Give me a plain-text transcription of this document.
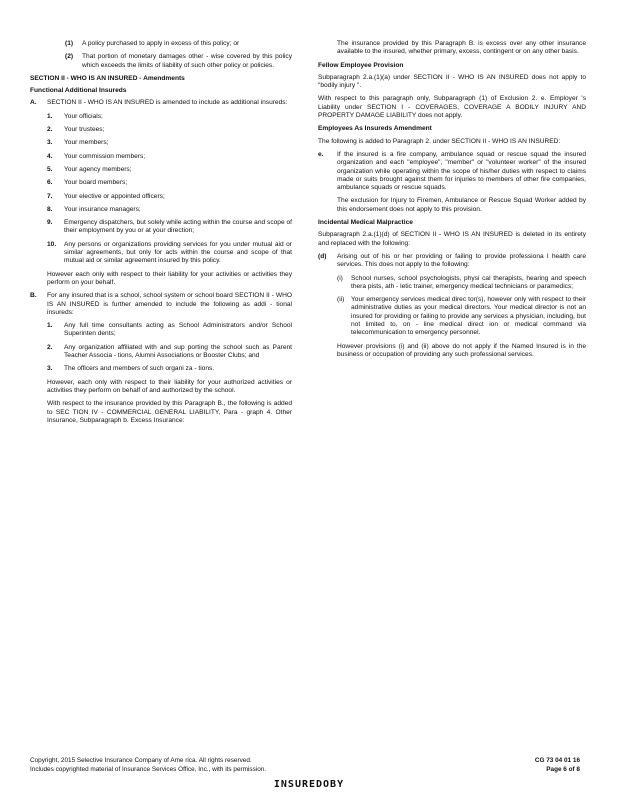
(1)	A policy purchased to apply in excess of this policy; or
(2)	That portion of monetary damages other - wise covered by this policy which exceeds the limits of liability of such other policy or policies.
SECTION II - WHO IS AN INSURED - Amendments
Functional Additional Insureds
A.	SECTION II - WHO IS AN INSURED is amended to include as additional insureds:
1.	Your officials;
2.	Your trustees;
3.	Your members;
4.	Your commission members;
5.	Your agency members;
6.	Your board members;
7.	Your elective or appointed officers;
8.	Your insurance managers;
9.	Emergency dispatchers, but solely while acting within the course and scope of their employment by you or at your direction;
10.	Any persons or organizations providing services for you under mutual aid or similar agreements, but only for acts within the course and scope of that mutual aid or similar agreement insured by this policy.

However each only with respect to their liability for your activities or activities they perform on your behalf.

B.	For any insured that is a school, school system or school board SECTION II - WHO IS AN INSURED is further amended to include the following as addi - tional insureds:
1.	Any full time consultants acting as School Administrators and/or School Superinten dents;
2.	Any organization affiliated with and sup porting the school such as Parent Teacher Associa - tions, Alumni Associations or Booster Clubs; and
3.	The officers and members of such organi za - tions.

However, each only with respect to their liability for your authorized activities or activities they perform on behalf of and authorized by the school.

With respect to the insurance provided by this Paragraph B., the following is added to SEC TION IV - COMMERCIAL GENERAL LIABILITY, Para - graph 4. Other Insurance, Subparagraph b. Excess Insurance:

The insurance provided by this Paragraph B. is excess over any other insurance available to the insured, whether primary, excess, contingent or on any other basis.

Fellow Employee Provision

Subparagraph 2.a.(1)(a) under SECTION II - WHO IS AN INSURED does not apply to "bodily injury ".

With respect to this paragraph only, Subparagraph (1) of Exclusion 2. e. Employer 's Liability under SECTION I - COVERAGES, COVERAGE A BODILY INJURY AND PROPERTY DAMAGE LIABILITY does not apply.

Employees As Insureds Amendment

The following is added to Paragraph 2. under SECTION II - WHO IS AN INSURED:

e.	If the insured is a fire company, ambulance squad or rescue squad the insured organization and each "employee", "member" or "volunteer worker" of the insured organization while operating within the scope of his/her duties with respect to claims made or suits brought against them for injuries to members of other fire companies, ambulance squads or rescue squads.

The exclusion for Injury to Firemen, Ambulance or Rescue Squad Worker added by this endorsement does not apply to this provision.

Incidental Medical Malpractice

Subparagraph 2.a.(1)(d) of SECTION II - WHO IS AN INSURED is deleted in its entirety and replaced with the following:

(d)	Arising out of his or her providing or failing to provide professiona l health care services. This does not apply to the following:
(i)	School nurses, school psychologists, physi cal therapists, hearing and speech thera pists, ath - letic trainer, emergency medical technicians or paramedics;
(ii)	Your emergency services medical direc tor(s), however only with respect to their administrative duties as your medical directors. Your medical director is not an insured for providing or failing to provide any services a physician, including, but not limited to, on - line medical direct ion or medical command via telecommunication to emergency personnel.

However provisions (i) and (ii) above do not apply if the Named Insured is in the business or occupation of providing any such professional services.

Copyright, 2015 Selective Insurance Company of Ame rica. All rights reserved.
Includes copyrighted material of Insurance Services Office, Inc., with its permission.
CG 73 04 01 16
Page 6 of 8
INSUREDOBY
